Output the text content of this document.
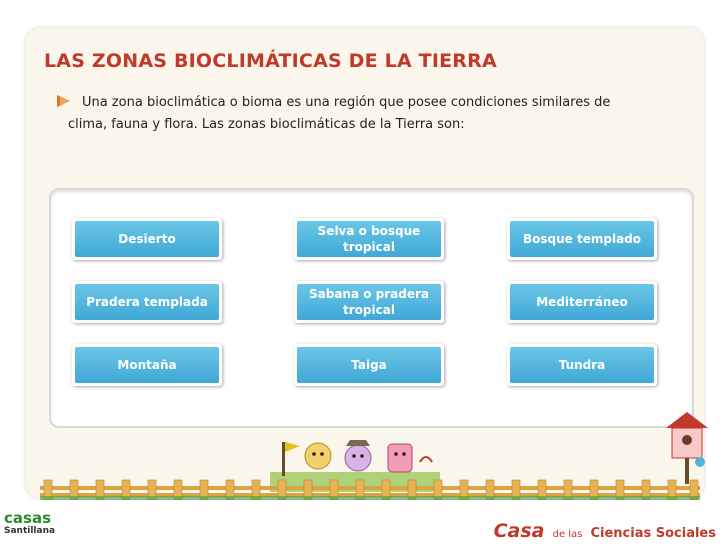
LAS ZONAS BIOCLIMÁTICAS DE LA TIERRA
Una zona bioclimática o bioma es una región que posee condiciones similares de clima, fauna y flora. Las zonas bioclimáticas de la Tierra son:
Desierto
Selva o bosque tropical
Bosque templado
Pradera templada
Sabana o pradera tropical
Mediterráneo
Montaña	Taiga	Tundra
casas
Santillana	Casa de las Ciencias Sociales
